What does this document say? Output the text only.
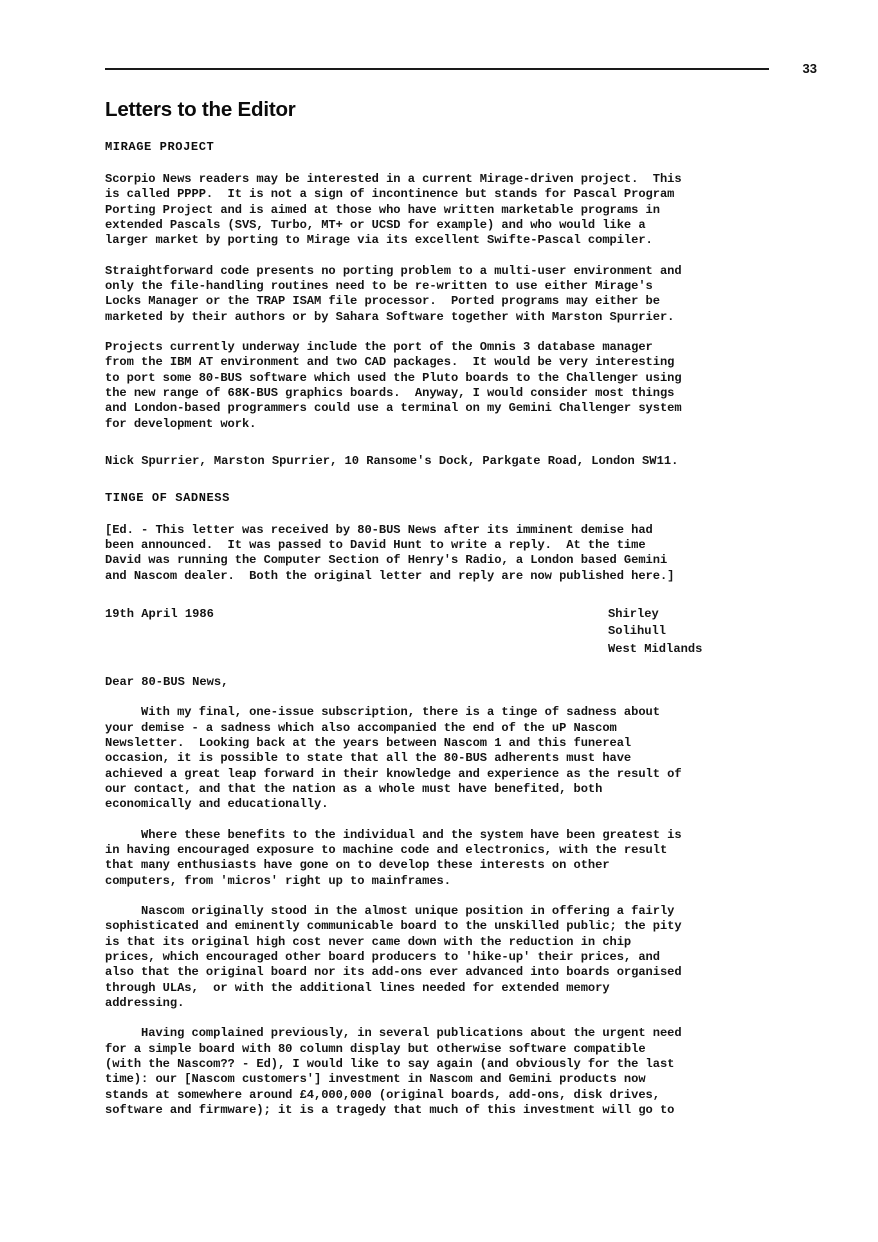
33
Letters to the Editor
MIRAGE PROJECT

Scorpio News readers may be interested in a current Mirage-driven project.  This
is called PPPP.  It is not a sign of incontinence but stands for Pascal Program
Porting Project and is aimed at those who have written marketable programs in
extended Pascals (SVS, Turbo, MT+ or UCSD for example) and who would like a
larger market by porting to Mirage via its excellent Swifte-Pascal compiler.

Straightforward code presents no porting problem to a multi-user environment and
only the file-handling routines need to be re-written to use either Mirage's
Locks Manager or the TRAP ISAM file processor.  Ported programs may either be
marketed by their authors or by Sahara Software together with Marston Spurrier.

Projects currently underway include the port of the Omnis 3 database manager
from the IBM AT environment and two CAD packages.  It would be very interesting
to port some 80-BUS software which used the Pluto boards to the Challenger using
the new range of 68K-BUS graphics boards.  Anyway, I would consider most things
and London-based programmers could use a terminal on my Gemini Challenger system
for development work.

Nick Spurrier, Marston Spurrier, 10 Ransome's Dock, Parkgate Road, London SW11.

TINGE OF SADNESS

[Ed. - This letter was received by 80-BUS News after its imminent demise had
been announced.  It was passed to David Hunt to write a reply.  At the time
David was running the Computer Section of Henry's Radio, a London based Gemini
and Nascom dealer.  Both the original letter and reply are now published here.]

19th April 1986	Shirley
Solihull
West Midlands

Dear 80-BUS News,

With my final, one-issue subscription, there is a tinge of sadness about
your demise - a sadness which also accompanied the end of the uP Nascom
Newsletter.  Looking back at the years between Nascom 1 and this funereal
occasion, it is possible to state that all the 80-BUS adherents must have
achieved a great leap forward in their knowledge and experience as the result of
our contact, and that the nation as a whole must have benefited, both
economically and educationally.

Where these benefits to the individual and the system have been greatest is
in having encouraged exposure to machine code and electronics, with the result
that many enthusiasts have gone on to develop these interests on other
computers, from 'micros' right up to mainframes.

Nascom originally stood in the almost unique position in offering a fairly
sophisticated and eminently communicable board to the unskilled public; the pity
is that its original high cost never came down with the reduction in chip
prices, which encouraged other board producers to 'hike-up' their prices, and
also that the original board nor its add-ons ever advanced into boards organised
through ULAs,  or with the additional lines needed for extended memory
addressing.

Having complained previously, in several publications about the urgent need
for a simple board with 80 column display but otherwise software compatible
(with the Nascom?? - Ed), I would like to say again (and obviously for the last
time): our [Nascom customers'] investment in Nascom and Gemini products now
stands at somewhere around £4,000,000 (original boards, add-ons, disk drives,
software and firmware); it is a tragedy that much of this investment will go to
